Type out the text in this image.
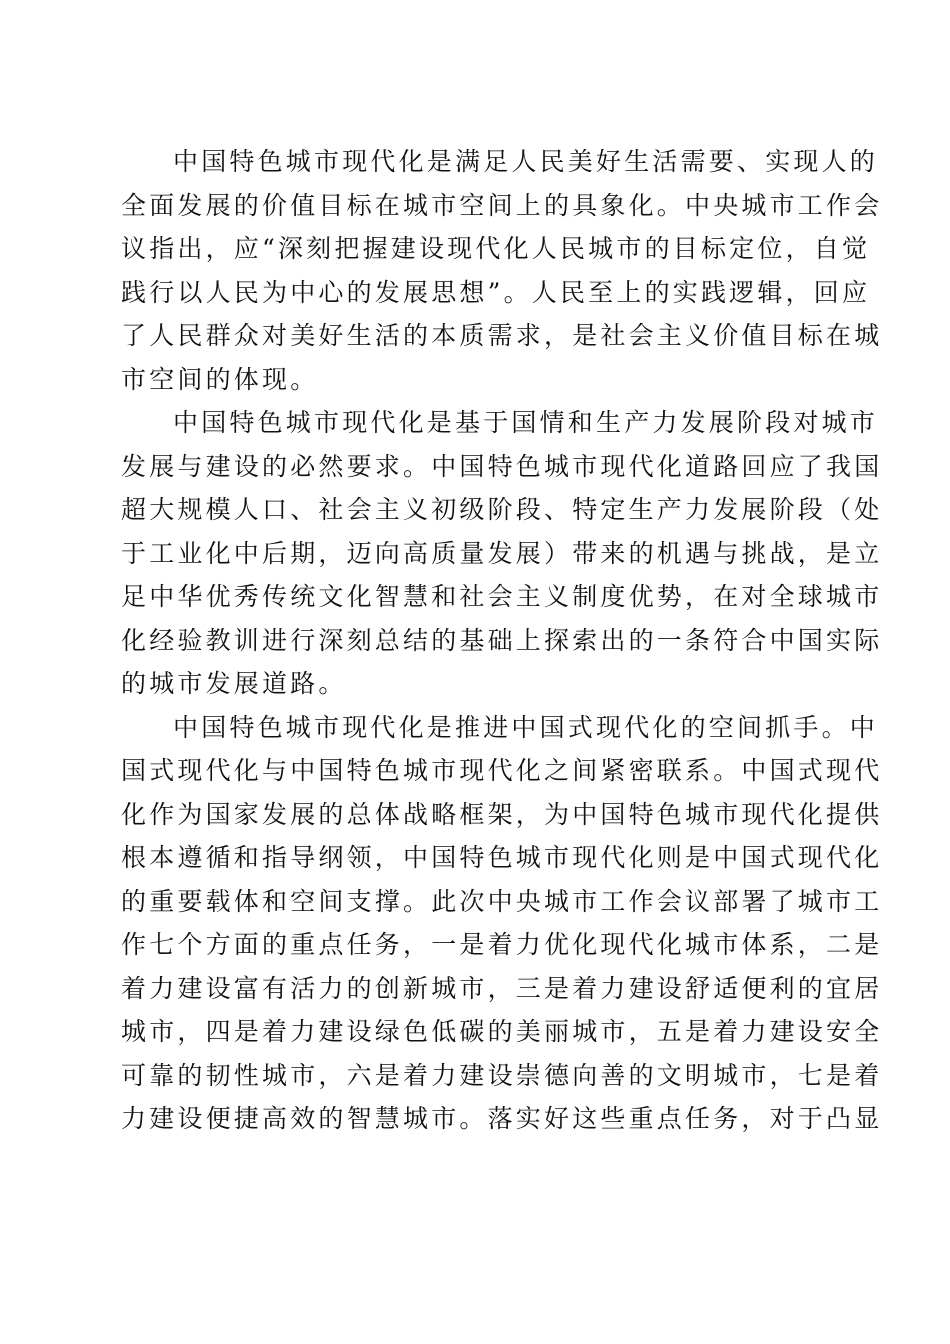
中国特色城市现代化是满足人民美好生活需要、实现人的
全面发展的价值目标在城市空间上的具象化。中央城市工作会
议指出，应“深刻把握建设现代化人民城市的目标定位，自觉
践行以人民为中心的发展思想”。人民至上的实践逻辑，回应
了人民群众对美好生活的本质需求，是社会主义价值目标在城
市空间的体现。
中国特色城市现代化是基于国情和生产力发展阶段对城市
发展与建设的必然要求。中国特色城市现代化道路回应了我国
超大规模人口、社会主义初级阶段、特定生产力发展阶段（处
于工业化中后期，迈向高质量发展）带来的机遇与挑战，是立
足中华优秀传统文化智慧和社会主义制度优势，在对全球城市
化经验教训进行深刻总结的基础上探索出的一条符合中国实际
的城市发展道路。
中国特色城市现代化是推进中国式现代化的空间抓手。中
国式现代化与中国特色城市现代化之间紧密联系。中国式现代
化作为国家发展的总体战略框架，为中国特色城市现代化提供
根本遵循和指导纲领，中国特色城市现代化则是中国式现代化
的重要载体和空间支撑。此次中央城市工作会议部署了城市工
作七个方面的重点任务，一是着力优化现代化城市体系，二是
着力建设富有活力的创新城市，三是着力建设舒适便利的宜居
城市，四是着力建设绿色低碳的美丽城市，五是着力建设安全
可靠的韧性城市，六是着力建设崇德向善的文明城市，七是着
力建设便捷高效的智慧城市。落实好这些重点任务，对于凸显
